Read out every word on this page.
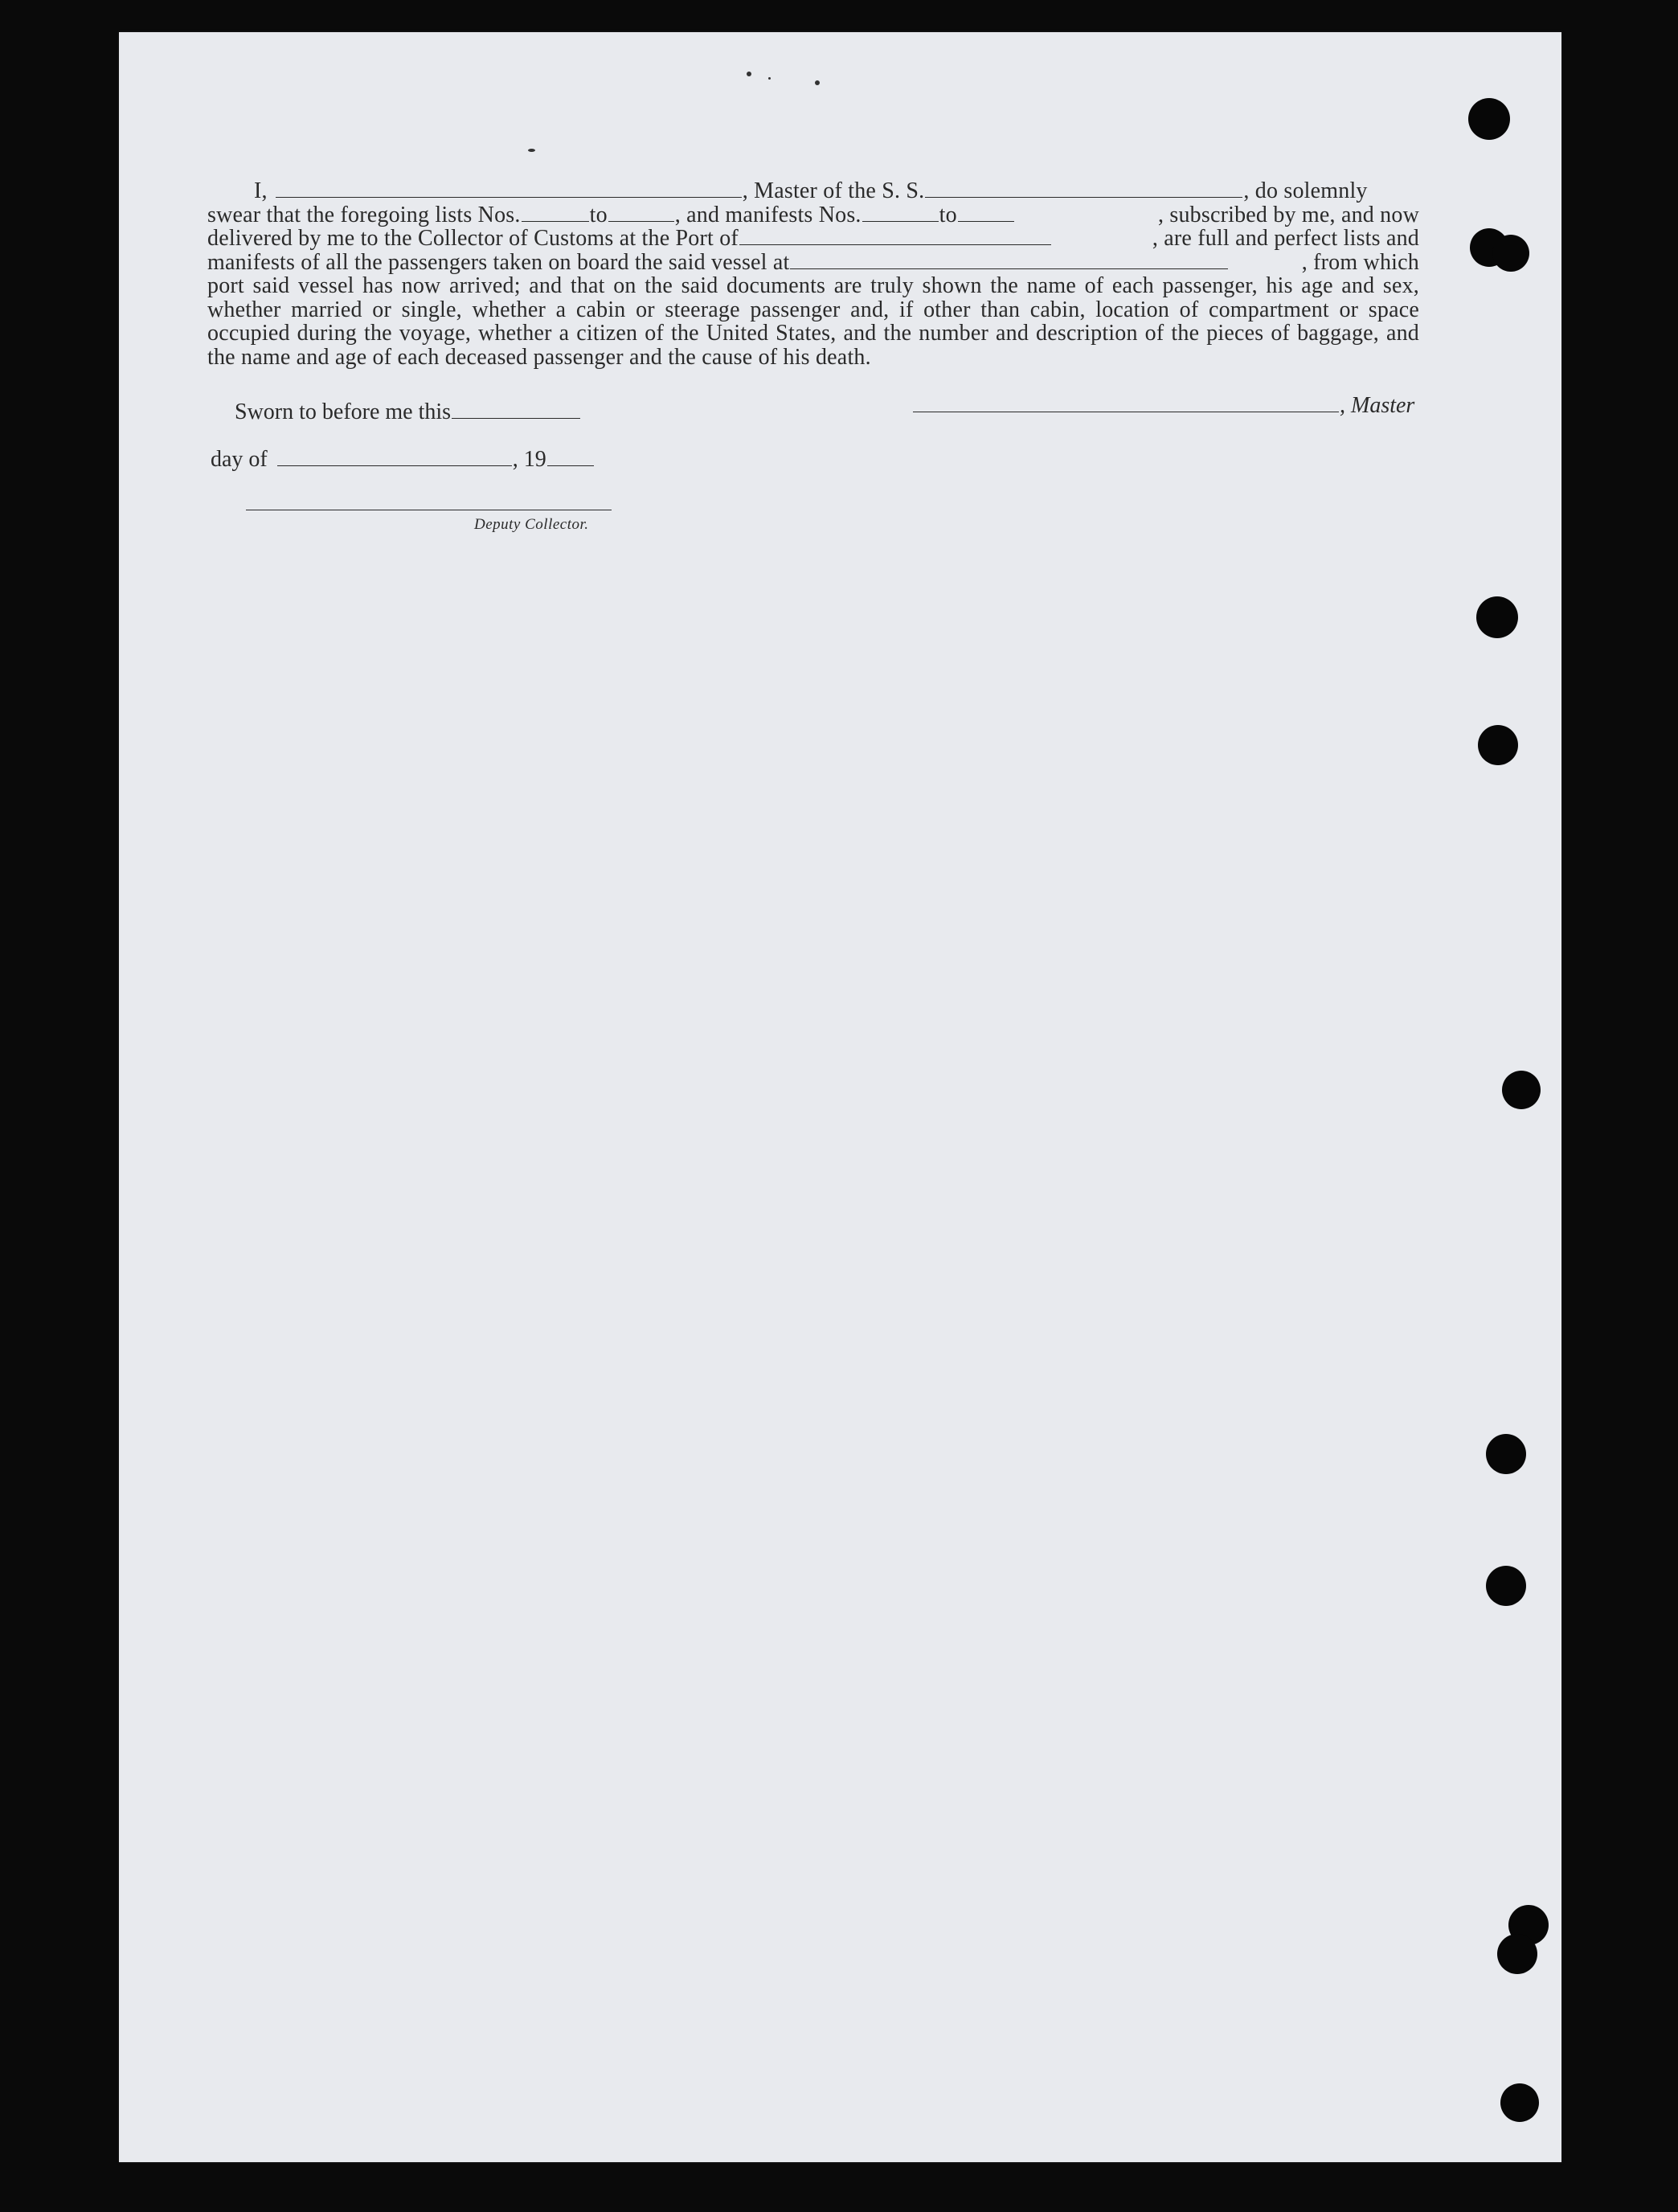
I,	, Master of the S. S.	, do solemnly
swear that the foregoing lists Nos.	to	, and manifests Nos.	to	, subscribed by me, and now
delivered by me to the Collector of Customs at the Port of	, are full and perfect lists and
manifests of all the passengers taken on board the said vessel at	, from which
port said vessel has now arrived; and that on the said documents are truly shown the name of each passenger, his age and sex, whether married or single, whether a cabin or steerage passenger and, if other than cabin, location of compartment or space occupied during the voyage, whether a citizen of the United States, and the number and description of the pieces of baggage, and the name and age of each deceased passenger and the cause of his death.
Sworn to before me this	, Master
day of	, 19
Deputy Collector.
